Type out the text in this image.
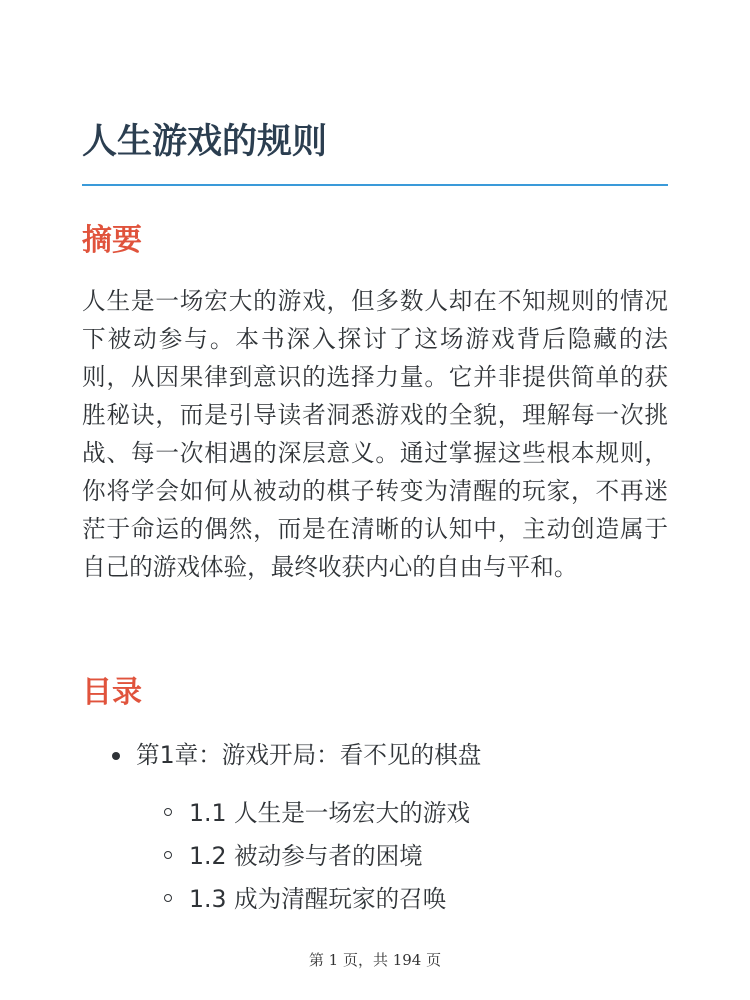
人生游戏的规则
摘要

人生是一场宏大的游戏，但多数人却在不知规则的情况下被动参与。本书深入探讨了这场游戏背后隐藏的法则，从因果律到意识的选择力量。它并非提供简单的获胜秘诀，而是引导读者洞悉游戏的全貌，理解每一次挑战、每一次相遇的深层意义。通过掌握这些根本规则，你将学会如何从被动的棋子转变为清醒的玩家，不再迷茫于命运的偶然，而是在清晰的认知中，主动创造属于自己的游戏体验，最终收获内心的自由与平和。

目录
第1章：游戏开局：看不见的棋盘
1.1 人生是一场宏大的游戏
1.2 被动参与者的困境
1.3 成为清醒玩家的召唤
第 1 页，共 194 页
